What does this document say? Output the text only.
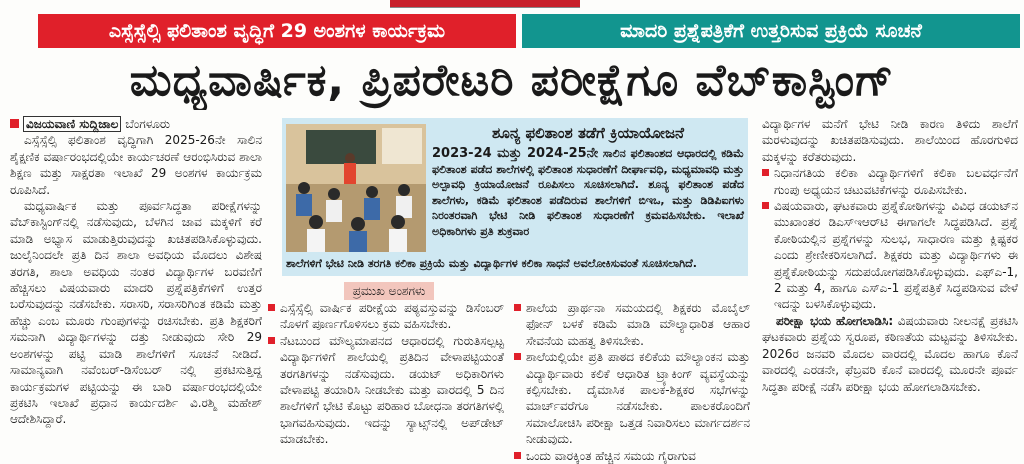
ಎಸ್ಸೆಸ್ಸೆಲ್ಸಿ ಫಲಿತಾಂಶ ವೃದ್ಧಿಗೆ 29 ಅಂಶಗಳ ಕಾರ್ಯಕ್ರಮ	ಮಾದರಿ ಪ್ರಶ್ನೆಪತ್ರಿಕೆಗೆ ಉತ್ತರಿಸುವ ಪ್ರಕ್ರಿಯೆ ಸೂಚನೆ
ಮಧ್ಯವಾರ್ಷಿಕ, ಪ್ರಿಪರೇಟರಿ ಪರೀಕ್ಷೆಗೂ ವೆಬ್‌ಕಾಸ್ಟಿಂಗ್
ವಿಜಯವಾಣಿ ಸುದ್ದಿಜಾಲ ಬೆಂಗಳೂರು

ಎಸ್ಸೆಸ್ಸೆಲ್ಸಿ ಫಲಿತಾಂಶ ವೃದ್ಧಿಗಾಗಿ 2025-26ನೇ ಸಾಲಿನ ಶೈಕ್ಷಣಿಕ ವರ್ಷಾರಂಭದಲ್ಲಿಯೇ ಕಾರ್ಯಚರಣೆ ಆರಂಭಿಸಿರುವ ಶಾಲಾ ಶಿಕ್ಷಣ ಮತ್ತು ಸಾಕ್ಷರತಾ ಇಲಾಖೆ 29 ಅಂಶಗಳ ಕಾರ್ಯಕ್ರಮ ರೂಪಿಸಿದೆ.

ಮಧ್ಯವಾರ್ಷಿಕ ಮತ್ತು ಪೂರ್ವಸಿದ್ಧತಾ ಪರೀಕ್ಷೆಗಳನ್ನು ವೆಬ್‌ಕಾಸ್ಟಿಂಗ್‌ನಲ್ಲಿ ನಡೆಸುವುದು, ಬೆಳಗಿನ ಜಾವ ಮಕ್ಕಳಿಗೆ ಕರೆ ಮಾಡಿ ಅಭ್ಯಾಸ ಮಾಡುತ್ತಿರುವುದನ್ನು ಖಚಿತಪಡಿಸಿಕೊಳ್ಳುವುದು. ಜುಲೈನಿಂದಲೇ ಪ್ರತಿ ದಿನ ಶಾಲಾ ಅವಧಿಯ ಮೊದಲು ವಿಶೇಷ ತರಗತಿ, ಶಾಲಾ ಅವಧಿಯ ನಂತರ ವಿದ್ಯಾರ್ಥಿಗಳ ಬರವಣಿಗೆ ಹೆಚ್ಚಿಸಲು ವಿಷಯವಾರು ಮಾದರಿ ಪ್ರಶ್ನೆಪತ್ರಿಕೆಗಳಿಗೆ ಉತ್ತರ ಬರೆಸುವುದನ್ನು ನಡೆಸಬೇಕು. ಸರಾಸರಿ, ಸರಾಸರಿಗಿಂತ ಕಡಿಮೆ ಮತ್ತು ಹೆಚ್ಚು ಎಂಬ ಮೂರು ಗುಂಪುಗಳನ್ನು ರಚಿಸಬೇಕು. ಪ್ರತಿ ಶಿಕ್ಷಕರಿಗೆ ಸಮನಾಗಿ ವಿದ್ಯಾರ್ಥಿಗಳನ್ನು ದತ್ತು ನೀಡುವುದು ಸೇರಿ 29 ಅಂಶಗಳನ್ನು ಪಟ್ಟಿ ಮಾಡಿ ಶಾಲೆಗಳಿಗೆ ಸೂಚನೆ ನೀಡಿದೆ. ಸಾಮಾನ್ಯವಾಗಿ ನವೆಂಬರ್-ಡಿಸೆಂಬರ್ ನಲ್ಲಿ ಪ್ರಕಟಿಸುತ್ತಿದ್ದ ಕಾರ್ಯಕ್ರಮಗಳ ಪಟ್ಟಿಯನ್ನು ಈ ಬಾರಿ ವರ್ಷಾರಂಭದಲ್ಲಿಯೇ ಪ್ರಕಟಿಸಿ ಇಲಾಖೆ ಪ್ರಧಾನ ಕಾರ್ಯದರ್ಶಿ ವಿ.ರಶ್ಮಿ ಮಹೇಶ್ ಆದೇಶಿಸಿದ್ದಾರೆ.

ಶೂನ್ಯ ಫಲಿತಾಂಶ ತಡೆಗೆ ಕ್ರಿಯಾಯೋಜನೆ
2023-24 ಮತ್ತು 2024-25ನೇ ಸಾಲಿನ ಫಲಿತಾಂಶದ ಆಧಾರದಲ್ಲಿ ಕಡಿಮೆ ಫಲಿತಾಂಶ ಪಡೆದ ಶಾಲೆಗಳಲ್ಲಿ ಫಲಿತಾಂಶ ಸುಧಾರಣೆಗೆ ದೀರ್ಘಾವಧಿ, ಮಧ್ಯಮಾವಧಿ ಮತ್ತು ಅಲ್ಪಾವಧಿ ಕ್ರಿಯಾಯೋಜನೆ ರೂಪಿಸಲು ಸೂಚಿಸಲಾಗಿದೆ. ಶೂನ್ಯ ಫಲಿತಾಂಶ ಪಡೆದ ಶಾಲೆಗಳು, ಕಡಿಮೆ ಫಲಿತಾಂಶ ಪಡೆದಿರುವ ಶಾಲೆಗಳಿಗೆ ಬಿಇಒ, ಮತ್ತು ಡಿಡಿಪಿಐಗಳು ನಿರಂತರವಾಗಿ ಭೇಟಿ ನೀಡಿ ಫಲಿತಾಂಶ ಸುಧಾರಣೆಗೆ ಕ್ರಮವಹಿಸಬೇಕು. ಇಲಾಖೆ ಅಧಿಕಾರಿಗಳು ಪ್ರತಿ ಶುಕ್ರವಾರ
ಶಾಲೆಗಳಿಗೆ ಭೇಟಿ ನೀಡಿ ತರಗತಿ ಕಲಿಕಾ ಪ್ರಕ್ರಿಯೆ ಮತ್ತು ವಿದ್ಯಾರ್ಥಿಗಳ ಕಲಿಕಾ ಸಾಧನೆ ಅವಲೋಕಿಸುವಂತೆ ಸೂಚಿಸಲಾಗಿದೆ.
ಪ್ರಮುಖ ಅಂಶಗಳು
ಎಸ್ಸೆಸ್ಸೆಲ್ಸಿ ವಾರ್ಷಿಕ ಪರೀಕ್ಷೆಯ ಪಠ್ಯವಸ್ತುವನ್ನು ಡಿಸೆಂಬರ್ ನೊಳಗೆ ಪೂರ್ಣಗೊಳಿಸಲು ಕ್ರಮ ವಹಿಸಬೇಕು.
ನೆಟಬುಂದ ಮೌಲ್ಯಮಾಪನದ ಆಧಾರದಲ್ಲಿ ಗುರುತಿಸಲ್ಪಟ್ಟ ವಿದ್ಯಾರ್ಥಿಗಳಿಗೆ ಶಾಲೆಯಲ್ಲಿ ಪ್ರತಿದಿನ ವೇಳಾಪಟ್ಟಿಯಂತೆ ತರಗತಿಗಳನ್ನು ನಡೆಸುವುದು. ಡಯಟ್ ಅಧಿಕಾರಿಗಳು ವೇಳಾಪಟ್ಟಿ ತಯಾರಿಸಿ ನೀಡಬೇಕು ಮತ್ತು ವಾರದಲ್ಲಿ 5 ದಿನ ಶಾಲೆಗಳಿಗೆ ಭೇಟಿ ಕೊಟ್ಟು ಪರಿಹಾರ ಬೋಧನಾ ತರಗತಿಗಳಲ್ಲಿ ಭಾಗವಹಿಸುವುದು. ಇದನ್ನು ಸ್ಯಾಟ್ಸ್‌ನಲ್ಲಿ ಅಪ್‌ಡೇಟ್ ಮಾಡಬೇಕು.
ಶಾಲೆಯ ಪ್ರಾರ್ಥನಾ ಸಮಯದಲ್ಲಿ ಶಿಕ್ಷಕರು ಮೊಬೈಲ್ ಫೋನ್ ಬಳಕೆ ಕಡಿಮೆ ಮಾಡಿ ಮೌಲ್ಯಾಧಾರಿತ ಆಹಾರ ಸೇವನೆಯ ಮಹತ್ವ ತಿಳಿಸಬೇಕು.
ಶಾಲೆಯಲ್ಲಿಯೇ ಪ್ರತಿ ಪಾಠದ ಕಲಿಕೆಯ ಮೌಲ್ಯಾಂಕನ ಮತ್ತು ವಿದ್ಯಾರ್ಥಿವಾರು ಕಲಿಕೆ ಆಧಾರಿತ ಟ್ರ್ಯಾಕಿಂಗ್ ವ್ಯವಸ್ಥೆಯನ್ನು ಕಲ್ಪಿಸಬೇಕು. ದೈಮಾಸಿಕ ಪಾಲಕ-ಶಿಕ್ಷಕರ ಸಭೆಗಳನ್ನು ಮಾರ್ಚ್‌ವರೆಗೂ ನಡೆಸಬೇಕು. ಪಾಲಕರೊಂದಿಗೆ ಸಮಾಲೋಚಿಸಿ ಪರೀಕ್ಷಾ ಒತ್ತಡ ನಿವಾರಿಸಲು ಮಾರ್ಗದರ್ಶನ ನೀಡುವುದು.
ಒಂದು ವಾರಕ್ಕಿಂತ ಹೆಚ್ಚಿನ ಸಮಯ ಗೈರಾಗುವ

ವಿದ್ಯಾರ್ಥಿಗಳ ಮನೆಗೆ ಭೇಟಿ ನೀಡಿ ಕಾರಣ ತಿಳಿದು ಶಾಲೆಗೆ ಮರಳುವುದನ್ನು ಖಚಿತಪಡಿಸುವುದು. ಶಾಲೆಯಿಂದ ಹೊರಗುಳಿದ ಮಕ್ಕಳನ್ನು ಕರೆತರುವುದು.

ನಿಧಾನಗತಿಯ ಕಲಿಕಾ ವಿದ್ಯಾರ್ಥಿಗಳಿಗೆ ಕಲಿಕಾ ಬಲವರ್ಧನೆಗೆ ಗುಂಪು ಅಧ್ಯಯನ ಚಟುವಟಿಕೆಗಳನ್ನು ರೂಪಿಸಬೇಕು.
ವಿಷಯವಾರು, ಘಟಕವಾರು ಪ್ರಶ್ನೆಕೋಠಿಗಳನ್ನು ವಿವಿಧ ಡಯಟ್‌ನ ಮುಖಾಂತರ ಡಿಎಸ್‌ಇಆರ್‌ಟಿ ಈಗಾಗಲೇ ಸಿದ್ಧಪಡಿಸಿದೆ. ಪ್ರಶ್ನೆ ಕೋಠಿಯಲ್ಲಿನ ಪ್ರಶ್ನೆಗಳನ್ನು ಸುಲಭ, ಸಾಧಾರಣ ಮತ್ತು ಕ್ಲಿಷ್ಟಕರ ಎಂದು ಶ್ರೇಣೀಕರಿಸಲಾಗಿದೆ. ಶಿಕ್ಷಕರು ಮತ್ತು ವಿದ್ಯಾರ್ಥಿಗಳು ಈ ಪ್ರಶ್ನೆಕೋಠಿಯನ್ನು ಸದುಪಯೋಗಪಡಿಸಿಕೊಳ್ಳುವುದು. ಎಫ್‌ಎ-1, 2 ಮತ್ತು 4, ಹಾಗೂ ಎಸ್‌ಎ-1 ಪ್ರಶ್ನೆಪತ್ರಿಕೆ ಸಿದ್ಧಪಡಿಸುವ ವೇಳೆ ಇದನ್ನು ಬಳಸಿಕೊಳ್ಳುವುದು.

ಪರೀಕ್ಷಾ ಭಯ ಹೋಗಲಾಡಿಸಿ: ವಿಷಯವಾರು ನೀಲನಕ್ಷೆ ಪ್ರಕಟಿಸಿ ಘಟಕವಾರು ಪ್ರಶ್ನೆಯ ಸ್ವರೂಪ, ಕಠಿಣತೆಯ ಮಟ್ಟವನ್ನು ತಿಳಿಸಬೇಕು. 2026ರ ಜನವರಿ ಮೊದಲ ವಾರದಲ್ಲಿ ಮೊದಲ ಹಾಗೂ ಕೊನೆ ವಾರದಲ್ಲಿ ಎರಡನೇ, ಫೆಬ್ರವರಿ ಕೊನೆ ವಾರದಲ್ಲಿ ಮೂರನೇ ಪೂರ್ವ ಸಿದ್ಧತಾ ಪರೀಕ್ಷೆ ನಡೆಸಿ ಪರೀಕ್ಷಾ ಭಯ ಹೋಗಲಾಡಿಸಬೇಕು.
